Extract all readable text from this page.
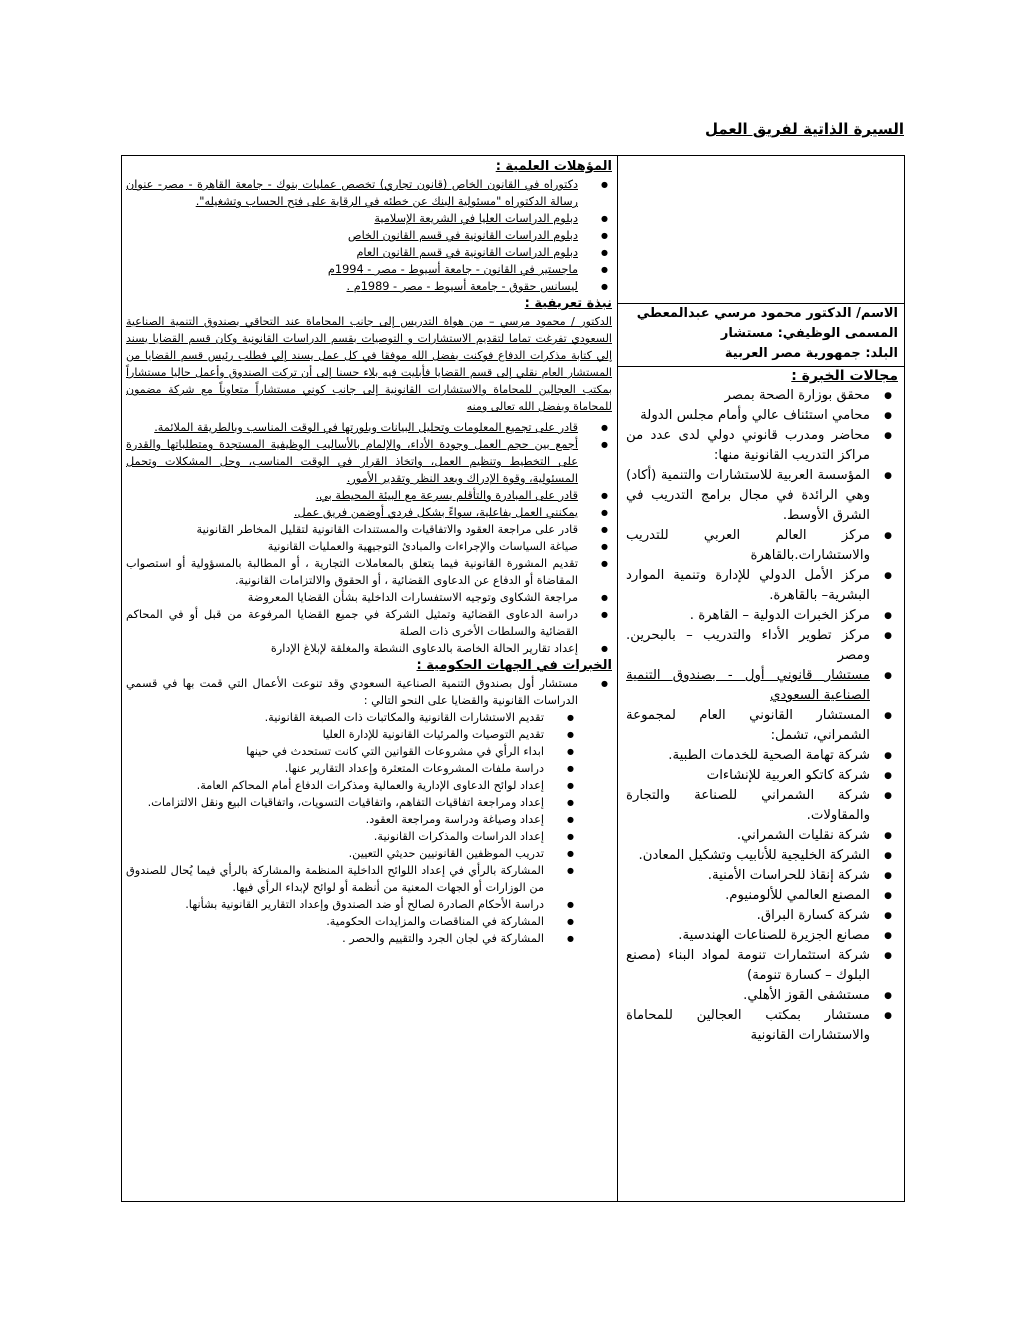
السيرة الذاتية لفريق العمل
المؤهلات العلمية :
● دكتوراه في القانون الخاص (قانون تجاري) تخصص عمليات بنوك - جامعة القاهرة - مصر- عنوان رسالة الدكتوراه "مسئولية البنك عن خطئه في الرقابة على فتح الحساب وتشغيله".
● دبلوم الدراسات العليا في الشريعة الإسلامية
● دبلوم الدراسات القانونية في قسم القانون الخاص
● دبلوم الدراسات القانونية في قسم القانون العام
● ماجستير في القانون - جامعة أسيوط - مصر - 1994م
● ليسانس حقوق - جامعة أسيوط - مصر - 1989م .
نبذة تعريفية :
الدكتور / محمود مرسي – من هواة التدريس إلى جانب المحاماة عند التحاقي بصندوق التنمية الصناعية السعودي تفرغت تماما لتقديم الاستشارات و التوصيات بقسم الدراسات القانونية وكان قسم القضايا يسند إلي كتابة مذكرات الدفاع فوكنت بفضل الله موفقا في كل عمل يسند إلي فطلب رئيس قسم القضايا من المستشار العام نقلي إلى قسم القضايا فأبليت فيه بلاء حسنا إلى أن تركت الصندوق وأعمل حاليا مستشاراً بمكتب العجالين للمحاماة والاستشارات القانونية إلى جانب كوني مستشاراً متعاوناً مع شركة مضمون للمحاماة وبفضل الله تعالى ومنه
● قادر على تجميع المعلومات وتحليل البيانات وبلورتها في الوقت المناسب وبالطريقة الملائمة.
● أجمع بين حجم العمل وجودة الأداء، والإلمام بالأساليب الوظيفية المستجدة ومتطلباتها والقدرة على التخطيط وتنظيم العمل، واتخاذ القرار في الوقت المناسب، وحل المشكلات وتحمل المسئولية، وقوة الإدراك وبعد النظر وتقدير الأمور.
● قادر على المبادرة والتأقلم بسرعة مع البيئة المحيطة بي.
● يمكنني العمل بفاعلية، سواءً بشكل فردي أوضمن فريق عمل.
● قادر على مراجعة العقود والاتفاقيات والمستندات القانونية لتقليل المخاطر القانونية
● صياغة السياسات والإجراءات والمبادئ التوجيهية والعمليات القانونية
● تقديم المشورة القانونية فيما يتعلق بالمعاملات التجارية ، أو المطالبة بالمسؤولية أو استصواب المقاضاة أو الدفاع عن الدعاوى القضائية ، أو الحقوق والالتزامات القانونية.
● مراجعة الشكاوى وتوجيه الاستفسارات الداخلية بشأن القضايا المعروضة
● دراسة الدعاوى القضائية وتمثيل الشركة في جميع القضايا المرفوعة من قبل أو في المحاكم القضائية والسلطات الأخرى ذات الصلة
● إعداد تقارير الحالة الخاصة بالدعاوى النشطة والمغلقة لإبلاغ الإدارة
الخبرات في الجهات الحكومية :
● مستشار أول بصندوق التنمية الصناعية السعودي وقد تنوعت الأعمال التي قمت بها في قسمي الدراسات القانونية والقضايا على النحو التالي :
● تقديم الاستشارات القانونية والمكاتبات ذات الصبغة القانونية.
● تقديم التوصيات والمرئيات القانونية للإدارة العليا
● ابداء الرأي في مشروعات القوانين التي كانت تستحدث في حينها
● دراسة ملفات المشروعات المتعثرة وإعداد التقارير عنها.
● إعداد لوائح الدعاوى الإدارية والعمالية ومذكرات الدفاع أمام المحاكم العامة.
● إعداد ومراجعة اتفاقيات التفاهم، واتفاقيات التسويات، واتفاقيات البيع ونقل الالتزامات.
● إعداد وصياغة ودراسة ومراجعة العقود.
● إعداد الدراسات والمذكرات القانونية.
● تدريب الموظفين القانونيين حديثي التعيين.
● المشاركة بالرأي في إعداد اللوائح الداخلية المنظمة والمشاركة بالرأي فيما يُحال للصندوق من الوزارات أو الجهات المعنية من أنظمة أو لوائح لإبداء الرأي فيها.
● دراسة الأحكام الصادرة لصالح أو ضد الصندوق وإعداد التقارير القانونية بشأنها.
● المشاركة في المناقصات والمزايدات الحكومية.
● المشاركة في لجان الجرد والتقييم والحصر .
الاسم/ الدكتور محمود مرسي عبدالمعطي
المسمى الوظيفي: مستشار
البلد: جمهورية مصر العربية
مجالات الخبرة :
● محقق بوزارة الصحة بمصر
● محامي استئناف عالي وأمام مجلس الدولة
● محاضر ومدرب قانوني دولي لدى عدد من مراكز التدريب القانونية منها:
● المؤسسة العربية للاستشارات والتنمية (أكاد) وهي الرائدة في مجال برامج التدريب في الشرق الأوسط.
● مركز العالم العربي للتدريب والاستشارات.بالقاهرة
● مركز الأمل الدولي للإدارة وتنمية الموارد البشرية– بالقاهرة.
● مركز الخبرات الدولية – القاهرة .
● مركز تطوير الأداء والتدريب – بالبحرين. ومصر
● مستشار قانوني أول - بصندوق التنمية الصناعية السعودي
● المستشار القانوني العام لمجموعة الشمراني، تشمل:
● شركة تهامة الصحية للخدمات الطبية.
● شركة كاتكو العربية للإنشاءات
● شركة الشمراني للصناعة والتجارة والمقاولات.
● شركة نقليات الشمراني.
● الشركة الخليجية للأنابيب وتشكيل المعادن.
● شركة إنقاذ للحراسات الأمنية.
● المصنع العالمي للألومنيوم.
● شركة كسارة البراق.
● مصانع الجزيرة للصناعات الهندسية.
● شركة استثمارات تنومة لمواد البناء (مصنع البلوك – كسارة تنومة)
● مستشفى القوز الأهلي.
● مستشار بمكتب العجالين للمحاماة والاستشارات القانونية
